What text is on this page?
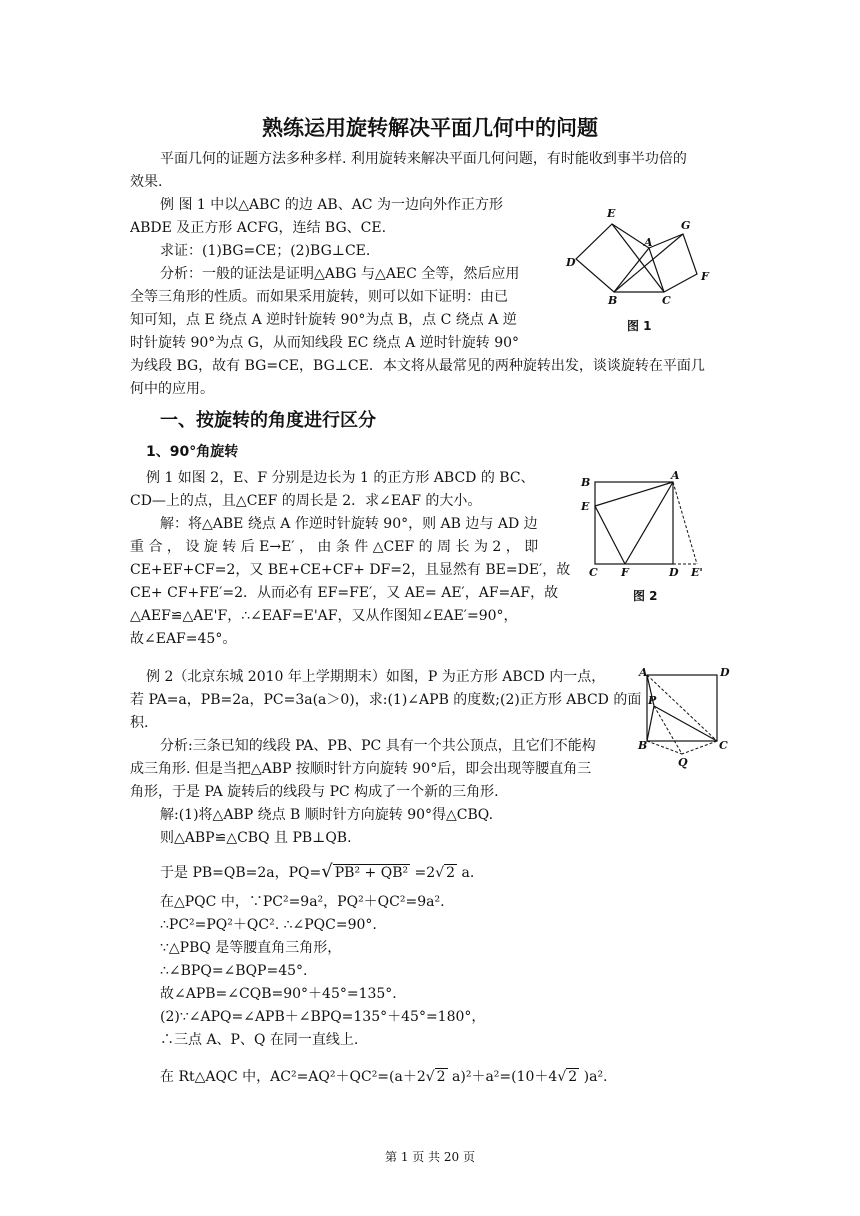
熟练运用旋转解决平面几何中的问题
平面几何的证题方法多种多样. 利用旋转来解决平面几何问题，有时能收到事半功倍的
效果.
例 图 1 中以△ABC 的边 AB、AC 为一边向外作正方形
ABDE 及正方形 ACFG，连结 BG、CE.
求证：(1)BG=CE；(2)BG⊥CE.
分析：一般的证法是证明△ABG 与△AEC 全等，然后应用
全等三角形的性质。而如果采用旋转，则可以如下证明：由已
知可知，点 E 绕点 A 逆时针旋转 90°为点 B，点 C 绕点 A 逆
时针旋转 90°为点 G，从而知线段 EC 绕点 A 逆时针旋转 90°
为线段 BG，故有 BG=CE，BG⊥CE．本文将从最常见的两种旋转出发，谈谈旋转在平面几
何中的应用。
E
G
A
D
F
B	C
图 1
一、按旋转的角度进行区分
1、90°角旋转
例 1 如图 2，E、F 分别是边长为 1 的正方形 ABCD 的 BC、
CD—上的点，且△CEF 的周长是 2．求∠EAF 的大小。
解：将△ABE 绕点 A 作逆时针旋转 90°，则 AB 边与 AD 边
重 合 ， 设 旋 转 后 E→E′ ， 由 条 件 △CEF 的 周 长 为 2 ， 即
CE+EF+CF=2，又 BE+CE+CF+ DF=2，且显然有 BE=DE′，故
CE+ CF+FE′=2．从而必有 EF=FE′，又 AE= AE′，AF=AF，故
△AEF≌△AE'F，∴∠EAF=E'AF，又从作图知∠EAE′=90°，
故∠EAF=45°。
B
A
E
C F	D E'
图 2
例 2（北京东城 2010 年上学期期末）如图，P 为正方形 ABCD 内一点，
若 PA=a，PB=2a，PC=3a(a＞0)，求:(1)∠APB 的度数;(2)正方形 ABCD 的面
积.
分析:三条已知的线段 PA、PB、PC 具有一个共公顶点，且它们不能构
成三角形. 但是当把△ABP 按顺时针方向旋转 90°后，即会出现等腰直角三
角形，于是 PA 旋转后的线段与 PC 构成了一个新的三角形.
解:(1)将△ABP 绕点 B 顺时针方向旋转 90°得△CBQ.
则△ABP≌△CBQ 且 PB⊥QB.
A	D
P
B	C
Q
于是 PB=QB=2a，PQ=√ PB² + QB² =2√ 2 a.
在△PQC 中，∵PC²=9a²，PQ²＋QC²=9a².
∴PC²=PQ²＋QC². ∴∠PQC=90°.
∵△PBQ 是等腰直角三角形，
∴∠BPQ=∠BQP=45°.
故∠APB=∠CQB=90°＋45°=135°.
(2)∵∠APQ=∠APB＋∠BPQ=135°＋45°=180°，
∴三点 A、P、Q 在同一直线上.
在 Rt△AQC 中，AC²=AQ²＋QC²=(a＋2√ 2 a)²＋a²=(10＋4√ 2 )a².
第 1 页 共 20 页
